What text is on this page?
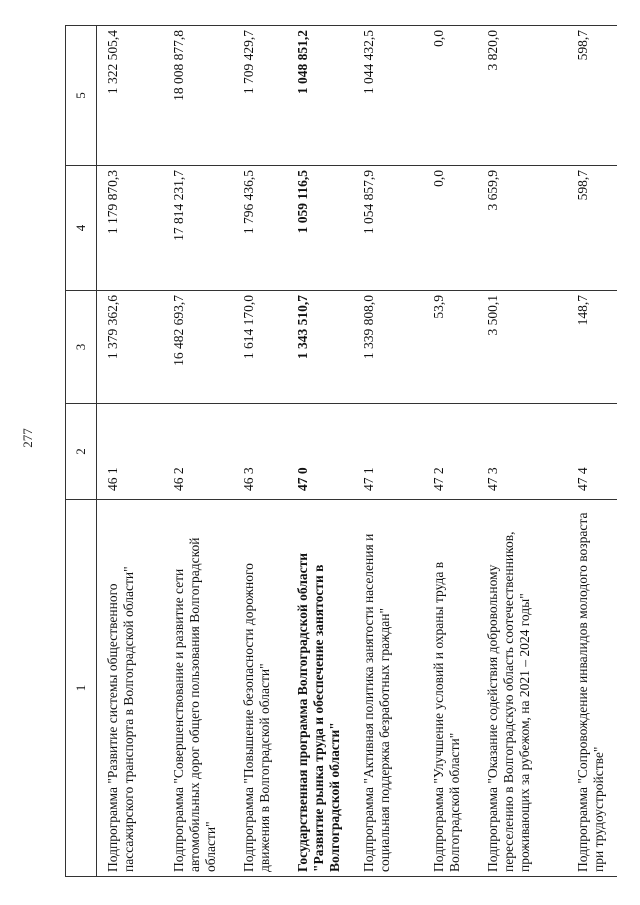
277
1	2	3	4	5
Подпрограмма "Развитие системы общественного пассажирского транспорта в Волгоградской области"	46 1	1 379 362,6	1 179 870,3	1 322 505,4
Подпрограмма "Совершенствование и развитие сети автомобильных дорог общего пользования Волгоградской области"	46 2	16 482 693,7	17 814 231,7	18 008 877,8
Подпрограмма "Повышение безопасности дорожного движения в Волгоградской области"	46 3	1 614 170,0	1 796 436,5	1 709 429,7
Государственная программа Волгоградской области "Развитие рынка труда и обеспечение занятости в Волгоградской области"	47 0	1 343 510,7	1 059 116,5	1 048 851,2
Подпрограмма "Активная политика занятости населения и социальная поддержка безработных граждан"	47 1	1 339 808,0	1 054 857,9	1 044 432,5
Подпрограмма "Улучшение условий и охраны труда в Волгоградской области"	47 2	53,9	0,0	0,0
Подпрограмма "Оказание содействия добровольному переселению в Волгоградскую область соотечественников, проживающих за рубежом, на 2021 – 2024 годы"	47 3	3 500,1	3 659,9	3 820,0
Подпрограмма "Сопровождение инвалидов молодого возраста при трудоустройстве"	47 4	148,7	598,7	598,7
